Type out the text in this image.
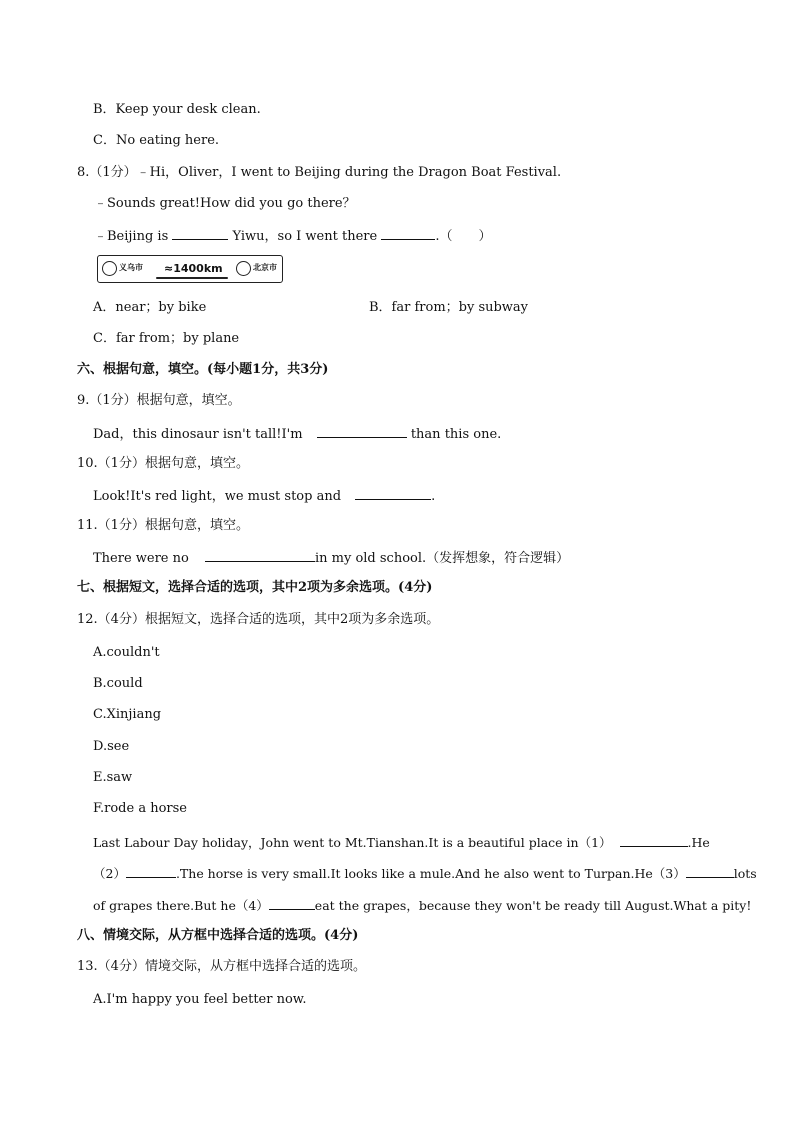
B．Keep your desk clean.
C．No eating here.
8.（1分）﹣Hi，Oliver，I went to Beijing during the Dragon Boat Festival.
﹣Sounds great!How did you go there？
﹣Beijing is	Yiwu，so I went there	.（　　）
义乌市 ≈1400km	北京市
A．near；by bike	B．far from；by subway
C．far from；by plane
六、根据句意，填空。(每小题1分，共3分)
9.（1分）根据句意，填空。
Dad，this dinosaur isn't tall!I'm	than this one.
10.（1分）根据句意，填空。
Look!It's red light，we must stop and	.
11.（1分）根据句意，填空。
There were no	in my old school.（发挥想象，符合逻辑）
七、根据短文，选择合适的选项，其中2项为多余选项。(4分)
12.（4分）根据短文，选择合适的选项，其中2项为多余选项。
A.couldn't
B.could
C.Xinjiang
D.see
E.saw
F.rode a horse
Last Labour Day holiday，John went to Mt.Tianshan.It is a beautiful place in（1）	.He
（2）	.The horse is very small.It looks like a mule.And he also went to Turpan.He（3）	lots
of grapes there.But he（4）	eat the grapes，because they won't be ready till August.What a pity!
八、情境交际，从方框中选择合适的选项。(4分)
13.（4分）情境交际，从方框中选择合适的选项。
A.I'm happy you feel better now.
